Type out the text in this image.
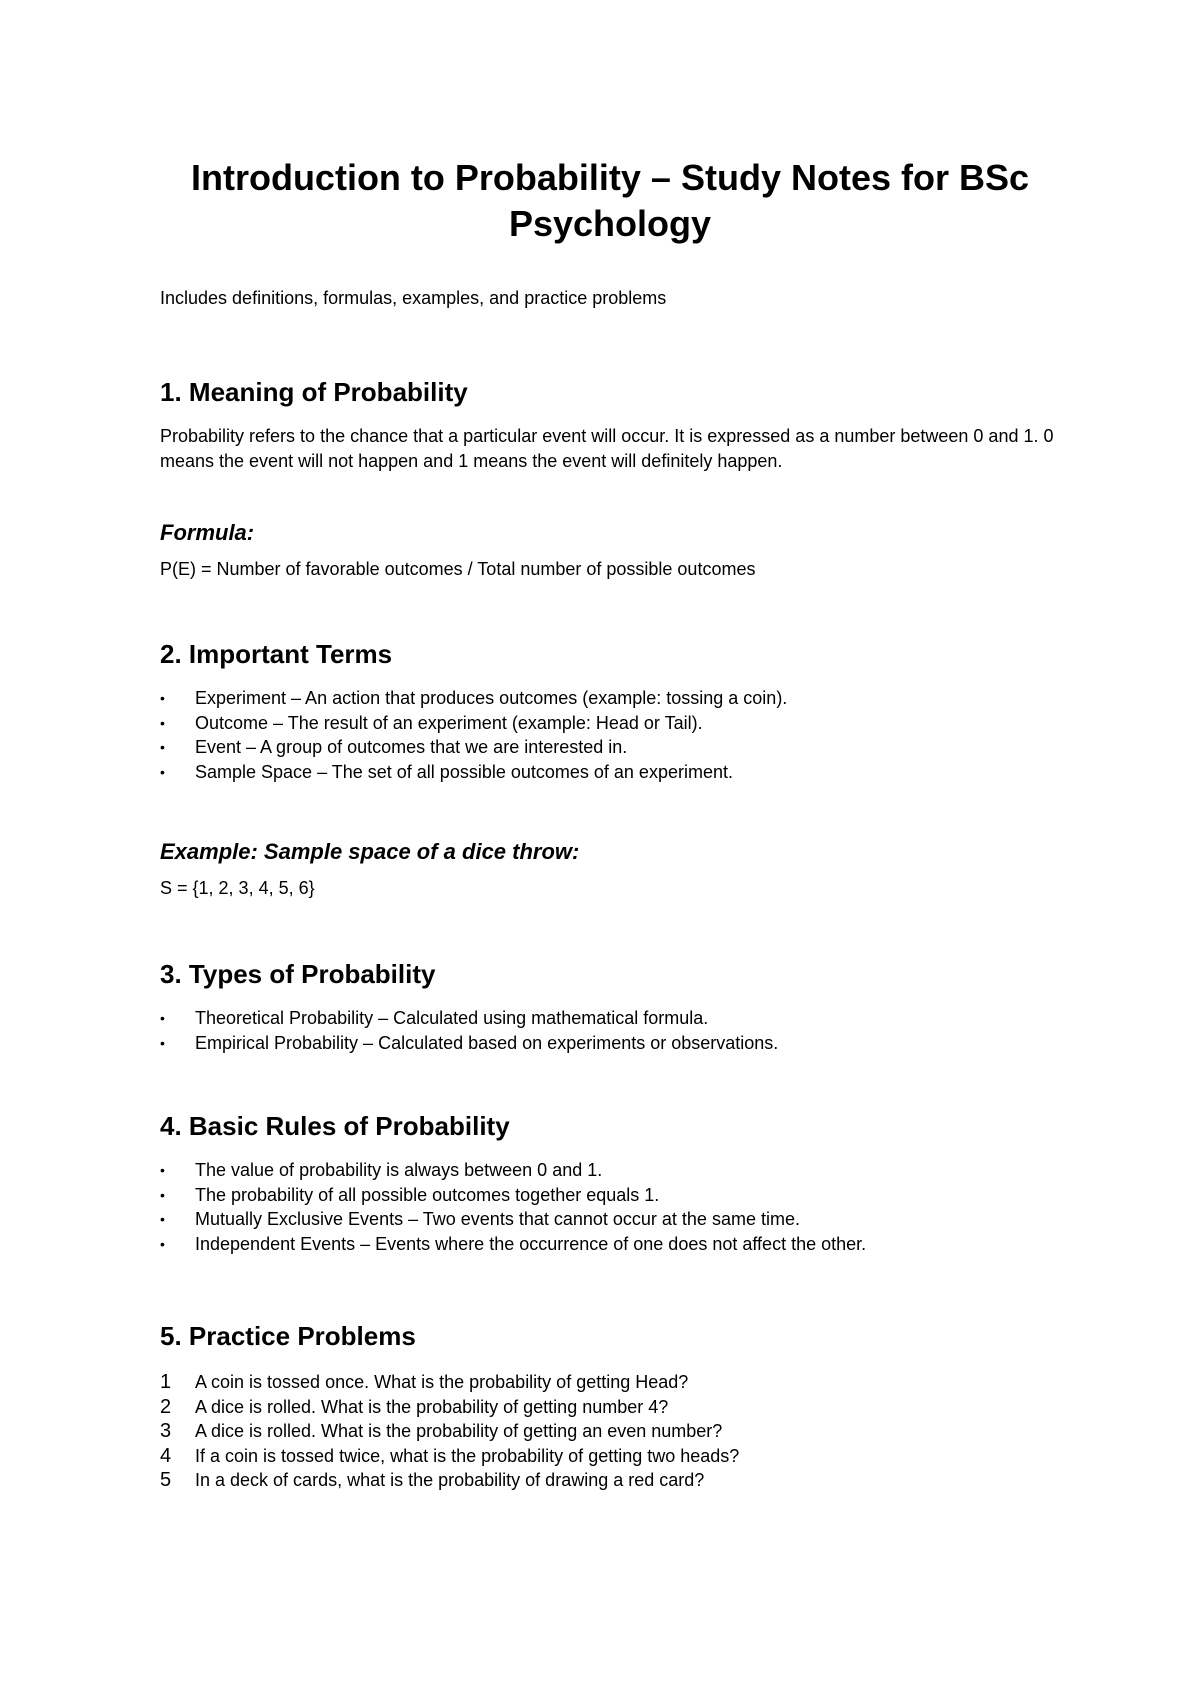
Introduction to Probability – Study Notes for BSc Psychology

Includes definitions, formulas, examples, and practice problems

1. Meaning of Probability

Probability refers to the chance that a particular event will occur. It is expressed as a number between 0 and 1. 0 means the event will not happen and 1 means the event will definitely happen.

Formula:

P(E) = Number of favorable outcomes / Total number of possible outcomes

2. Important Terms
• Experiment – An action that produces outcomes (example: tossing a coin).
• Outcome – The result of an experiment (example: Head or Tail).
• Event – A group of outcomes that we are interested in.
• Sample Space – The set of all possible outcomes of an experiment.
Example: Sample space of a dice throw:

S = {1, 2, 3, 4, 5, 6}

3. Types of Probability
• Theoretical Probability – Calculated using mathematical formula.
• Empirical Probability – Calculated based on experiments or observations.
4. Basic Rules of Probability
• The value of probability is always between 0 and 1.
• The probability of all possible outcomes together equals 1.
• Mutually Exclusive Events – Two events that cannot occur at the same time.
• Independent Events – Events where the occurrence of one does not affect the other.
5. Practice Problems
1 A coin is tossed once. What is the probability of getting Head?
2 A dice is rolled. What is the probability of getting number 4?
3 A dice is rolled. What is the probability of getting an even number?
4 If a coin is tossed twice, what is the probability of getting two heads?
5 In a deck of cards, what is the probability of drawing a red card?
